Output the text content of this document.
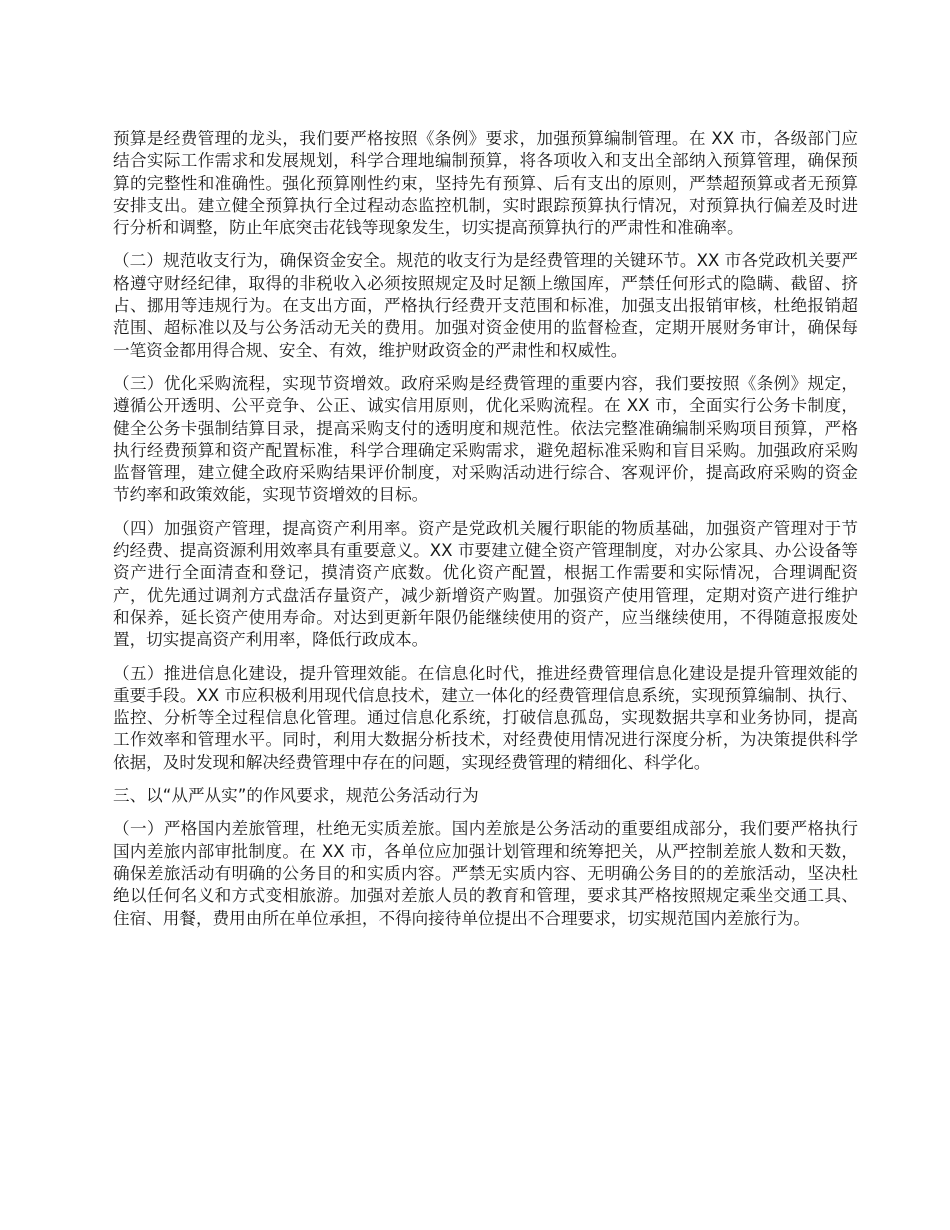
预算是经费管理的龙头，我们要严格按照《条例》要求，加强预算编制管理。在 XX 市，各级部门应结合实际工作需求和发展规划，科学合理地编制预算，将各项收入和支出全部纳入预算管理，确保预算的完整性和准确性。强化预算刚性约束，坚持先有预算、后有支出的原则，严禁超预算或者无预算安排支出。建立健全预算执行全过程动态监控机制，实时跟踪预算执行情况，对预算执行偏差及时进行分析和调整，防止年底突击花钱等现象发生，切实提高预算执行的严肃性和准确率。

（二）规范收支行为，确保资金安全。规范的收支行为是经费管理的关键环节。XX 市各党政机关要严格遵守财经纪律，取得的非税收入必须按照规定及时足额上缴国库，严禁任何形式的隐瞒、截留、挤占、挪用等违规行为。在支出方面，严格执行经费开支范围和标准，加强支出报销审核，杜绝报销超范围、超标准以及与公务活动无关的费用。加强对资金使用的监督检查，定期开展财务审计，确保每一笔资金都用得合规、安全、有效，维护财政资金的严肃性和权威性。

（三）优化采购流程，实现节资增效。政府采购是经费管理的重要内容，我们要按照《条例》规定，遵循公开透明、公平竞争、公正、诚实信用原则，优化采购流程。在 XX 市，全面实行公务卡制度，健全公务卡强制结算目录，提高采购支付的透明度和规范性。依法完整准确编制采购项目预算，严格执行经费预算和资产配置标准，科学合理确定采购需求，避免超标准采购和盲目采购。加强政府采购监督管理，建立健全政府采购结果评价制度，对采购活动进行综合、客观评价，提高政府采购的资金节约率和政策效能，实现节资增效的目标。

（四）加强资产管理，提高资产利用率。资产是党政机关履行职能的物质基础，加强资产管理对于节约经费、提高资源利用效率具有重要意义。XX 市要建立健全资产管理制度，对办公家具、办公设备等资产进行全面清查和登记，摸清资产底数。优化资产配置，根据工作需要和实际情况，合理调配资产，优先通过调剂方式盘活存量资产，减少新增资产购置。加强资产使用管理，定期对资产进行维护和保养，延长资产使用寿命。对达到更新年限仍能继续使用的资产，应当继续使用，不得随意报废处置，切实提高资产利用率，降低行政成本。

（五）推进信息化建设，提升管理效能。在信息化时代，推进经费管理信息化建设是提升管理效能的重要手段。XX 市应积极利用现代信息技术，建立一体化的经费管理信息系统，实现预算编制、执行、监控、分析等全过程信息化管理。通过信息化系统，打破信息孤岛，实现数据共享和业务协同，提高工作效率和管理水平。同时，利用大数据分析技术，对经费使用情况进行深度分析，为决策提供科学依据，及时发现和解决经费管理中存在的问题，实现经费管理的精细化、科学化。

三、以“从严从实”的作风要求，规范公务活动行为

（一）严格国内差旅管理，杜绝无实质差旅。国内差旅是公务活动的重要组成部分，我们要严格执行国内差旅内部审批制度。在 XX 市，各单位应加强计划管理和统筹把关，从严控制差旅人数和天数，确保差旅活动有明确的公务目的和实质内容。严禁无实质内容、无明确公务目的的差旅活动，坚决杜绝以任何名义和方式变相旅游。加强对差旅人员的教育和管理，要求其严格按照规定乘坐交通工具、住宿、用餐，费用由所在单位承担，不得向接待单位提出不合理要求，切实规范国内差旅行为。
